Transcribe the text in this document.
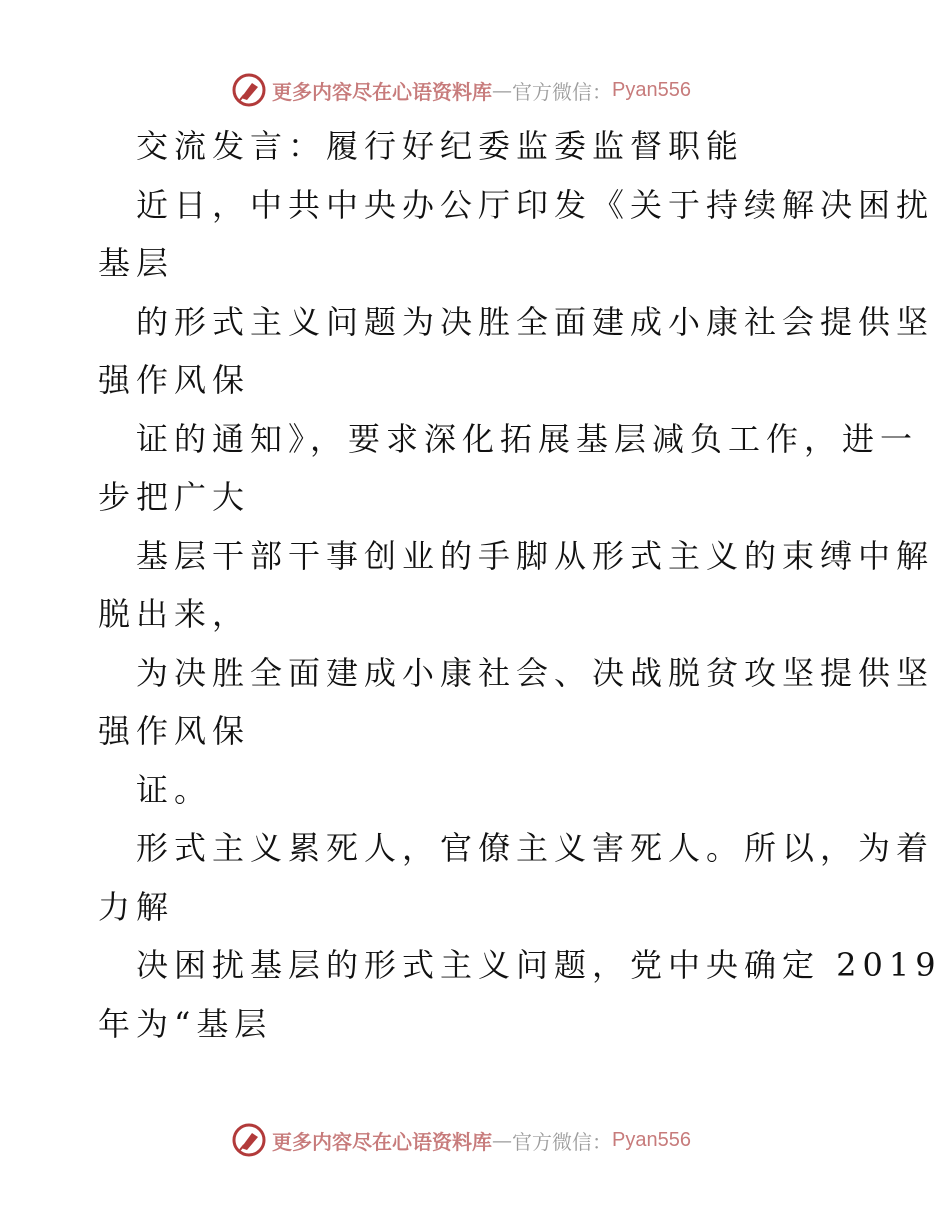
更多内容尽在心语资料库 — 官方微信： Pyan556
交流发言：履行好纪委监委监督职能
近日，中共中央办公厅印发《关于持续解决困扰
基层
的形式主义问题为决胜全面建成小康社会提供坚
强作风保
证的通知》，要求深化拓展基层减负工作，进一
步把广大
基层干部干事创业的手脚从形式主义的束缚中解
脱出来，
为决胜全面建成小康社会、决战脱贫攻坚提供坚
强作风保
证。
形式主义累死人，官僚主义害死人。所以，为着
力解
决困扰基层的形式主义问题，党中央确定 2019
年为“基层
更多内容尽在心语资料库 — 官方微信： Pyan556
